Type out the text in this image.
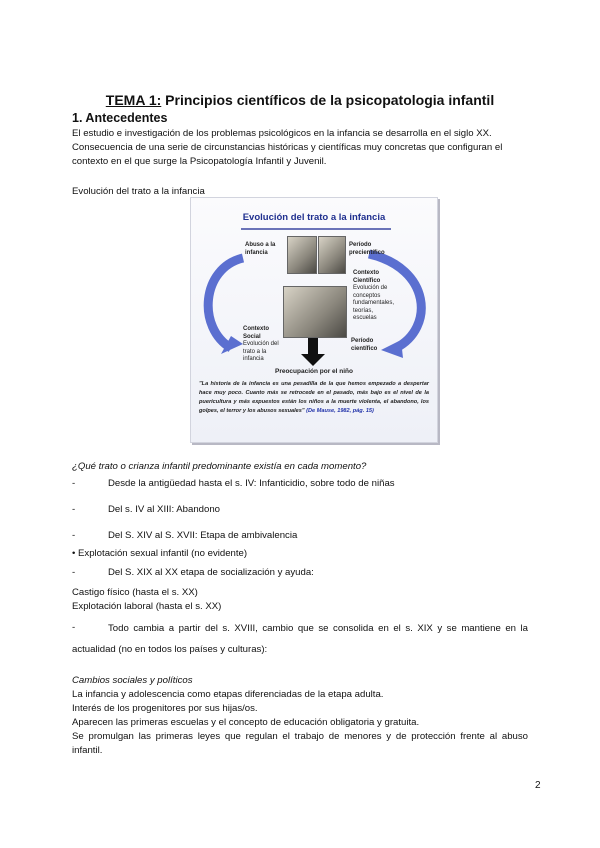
TEMA 1: Principios científicos de la psicopatologia infantil
1. Antecedentes
El estudio e investigación de los problemas psicológicos en la infancia se desarrolla en el siglo XX.
Consecuencia de una serie de circunstancias históricas y científicas muy concretas que configuran el
contexto en el que surge la Psicopatología Infantil y Juvenil.
Evolución del trato a la infancia
Evolución del trato a la infancia
Abuso a la
infancia
Período
precientífico
Contexto
Científico
Evolución de
conceptos
fundamentales,
teorías,
escuelas
Contexto
Social
Evolución del
trato a la
infancia
Período
científico
Preocupación por el niño
"La historia de la infancia es una pesadilla de la que hemos empezado a despertar hace muy poco. Cuanto más se retrocede en el pasado, más bajo es el nivel de la puericultura y más expuestos están los niños a la muerte violenta, el abandono, los golpes, el terror y los abusos sexuales" (De Mause, 1982, pág. 15)
¿Qué trato o crianza infantil predominante existía en cada momento?
-	Desde la antigüedad hasta el s. IV: Infanticidio, sobre todo de niñas
-	Del s. IV al XIII: Abandono
-	Del S. XIV al S. XVII: Etapa de ambivalencia
• Explotación sexual infantil (no evidente)
-	Del S. XIX al XX etapa de socialización y ayuda:
Castigo físico (hasta el s. XX)
Explotación laboral (hasta el s. XX)
-	Todo cambia a partir del s. XVIII, cambio que se consolida en el s. XIX y se mantiene en la
actualidad (no en todos los países y culturas):
Cambios sociales y políticos
La infancia y adolescencia como etapas diferenciadas de la etapa adulta.
Interés de los progenitores por sus hijas/os.
Aparecen las primeras escuelas y el concepto de educación obligatoria y gratuita.
Se promulgan las primeras leyes que regulan el trabajo de menores y de protección frente al abuso
infantil.
2
